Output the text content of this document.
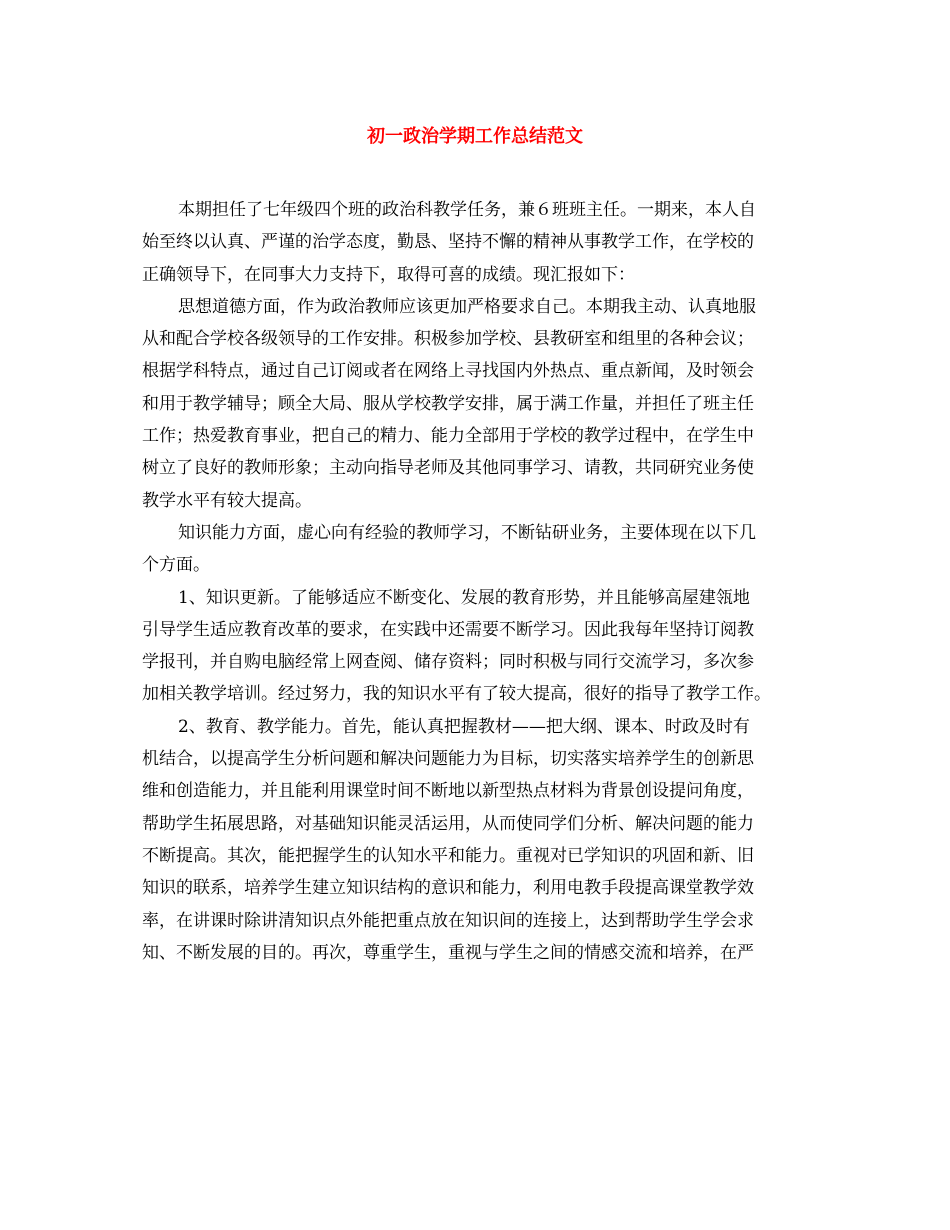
初一政治学期工作总结范文
本期担任了七年级四个班的政治科教学任务，兼６班班主任。一期来，本人自
始至终以认真、严谨的治学态度，勤恳、坚持不懈的精神从事教学工作，在学校的
正确领导下，在同事大力支持下，取得可喜的成绩。现汇报如下：
思想道德方面，作为政治教师应该更加严格要求自己。本期我主动、认真地服
从和配合学校各级领导的工作安排。积极参加学校、县教研室和组里的各种会议；
根据学科特点，通过自己订阅或者在网络上寻找国内外热点、重点新闻，及时领会
和用于教学辅导；顾全大局、服从学校教学安排，属于满工作量，并担任了班主任
工作；热爱教育事业，把自己的精力、能力全部用于学校的教学过程中，在学生中
树立了良好的教师形象；主动向指导老师及其他同事学习、请教，共同研究业务使
教学水平有较大提高。
知识能力方面，虚心向有经验的教师学习，不断钻研业务，主要体现在以下几
个方面。
1、知识更新。了能够适应不断变化、发展的教育形势，并且能够高屋建瓴地
引导学生适应教育改革的要求，在实践中还需要不断学习。因此我每年坚持订阅教
学报刊，并自购电脑经常上网查阅、储存资料；同时积极与同行交流学习，多次参
加相关教学培训。经过努力，我的知识水平有了较大提高，很好的指导了教学工作。
2、教育、教学能力。首先，能认真把握教材——把大纲、课本、时政及时有
机结合，以提高学生分析问题和解决问题能力为目标，切实落实培养学生的创新思
维和创造能力，并且能利用课堂时间不断地以新型热点材料为背景创设提问角度，
帮助学生拓展思路，对基础知识能灵活运用，从而使同学们分析、解决问题的能力
不断提高。其次，能把握学生的认知水平和能力。重视对已学知识的巩固和新、旧
知识的联系，培养学生建立知识结构的意识和能力，利用电教手段提高课堂教学效
率，在讲课时除讲清知识点外能把重点放在知识间的连接上，达到帮助学生学会求
知、不断发展的目的。再次，尊重学生，重视与学生之间的情感交流和培养，在严
